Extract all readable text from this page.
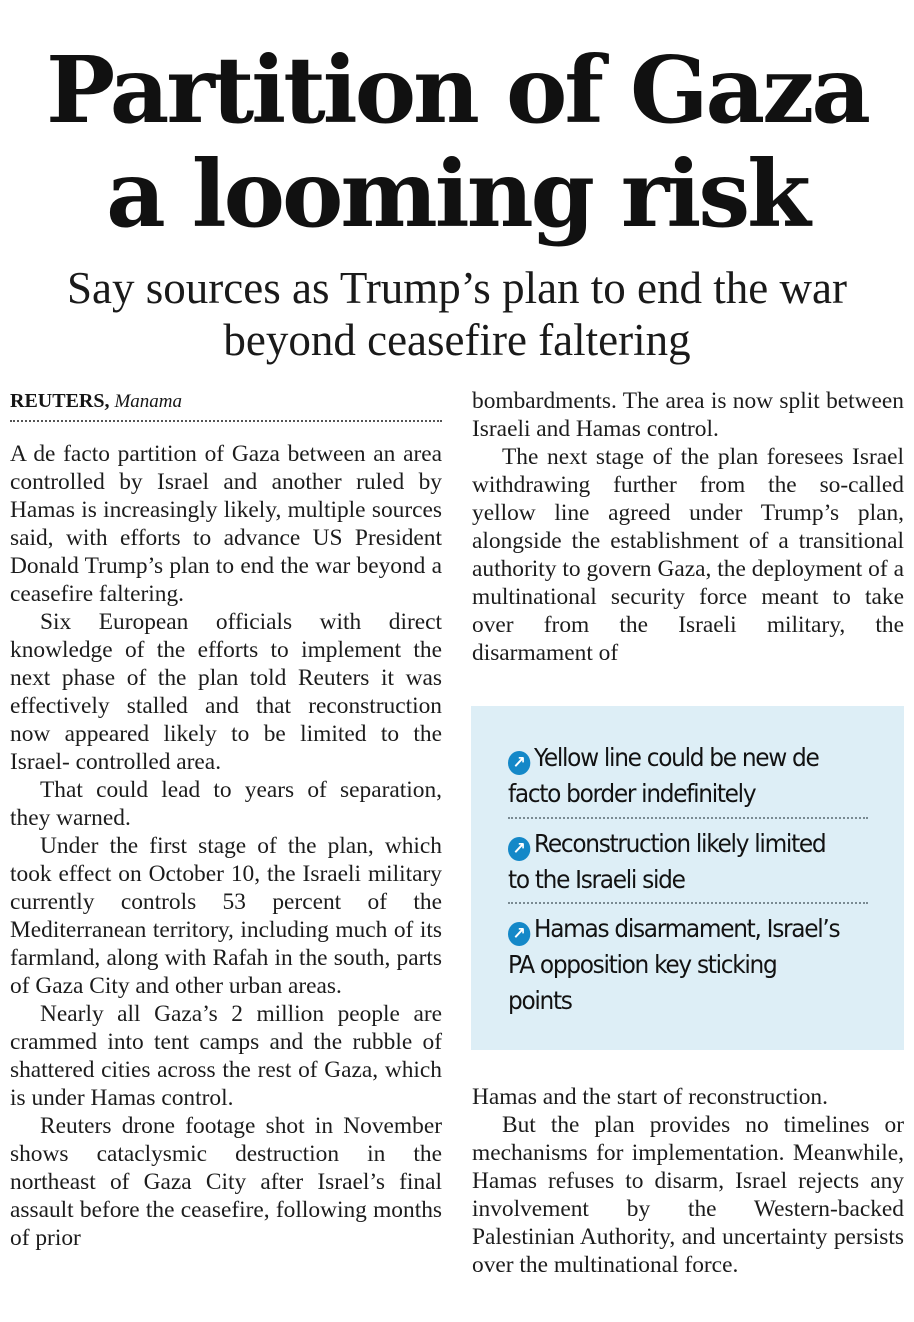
Partition of Gaza
a looming risk
Say sources as Trump’s plan to end the war
beyond ceasefire faltering
REUTERS, Manama

A de facto partition of Gaza between an area controlled by Israel and another ruled by Hamas is increasingly likely, multiple sources said, with efforts to advance US President Donald Trump’s plan to end the war beyond a ceasefire faltering.

Six European officials with direct knowledge of the efforts to implement the next phase of the plan told Reuters it was effectively stalled and that reconstruction now appeared likely to be limited to the Israel- controlled area.

That could lead to years of separation, they warned.

Under the first stage of the plan, which took effect on October 10, the Israeli military currently controls 53 percent of the Mediterranean territory, including much of its farmland, along with Rafah in the south, parts of Gaza City and other urban areas.

Nearly all Gaza’s 2 million people are crammed into tent camps and the rubble of shattered cities across the rest of Gaza, which is under Hamas control.

Reuters drone footage shot in November shows cataclysmic destruction in the northeast of Gaza City after Israel’s final assault before the ceasefire, following months of prior

bombardments. The area is now split between Israeli and Hamas control.

The next stage of the plan foresees Israel withdrawing further from the so-called yellow line agreed under Trump’s plan, alongside the establishment of a transitional authority to govern Gaza, the deployment of a multinational security force meant to take over from the Israeli military, the disarmament of

↗ Yellow line could be new de facto border indefinitely
↗ Reconstruction likely limited to the Israeli side
↗ Hamas disarmament, Israel’s PA opposition key sticking points

Hamas and the start of reconstruction.

But the plan provides no timelines or mechanisms for implementation. Meanwhile, Hamas refuses to disarm, Israel rejects any involvement by the Western-backed Palestinian Authority, and uncertainty persists over the multinational force.
